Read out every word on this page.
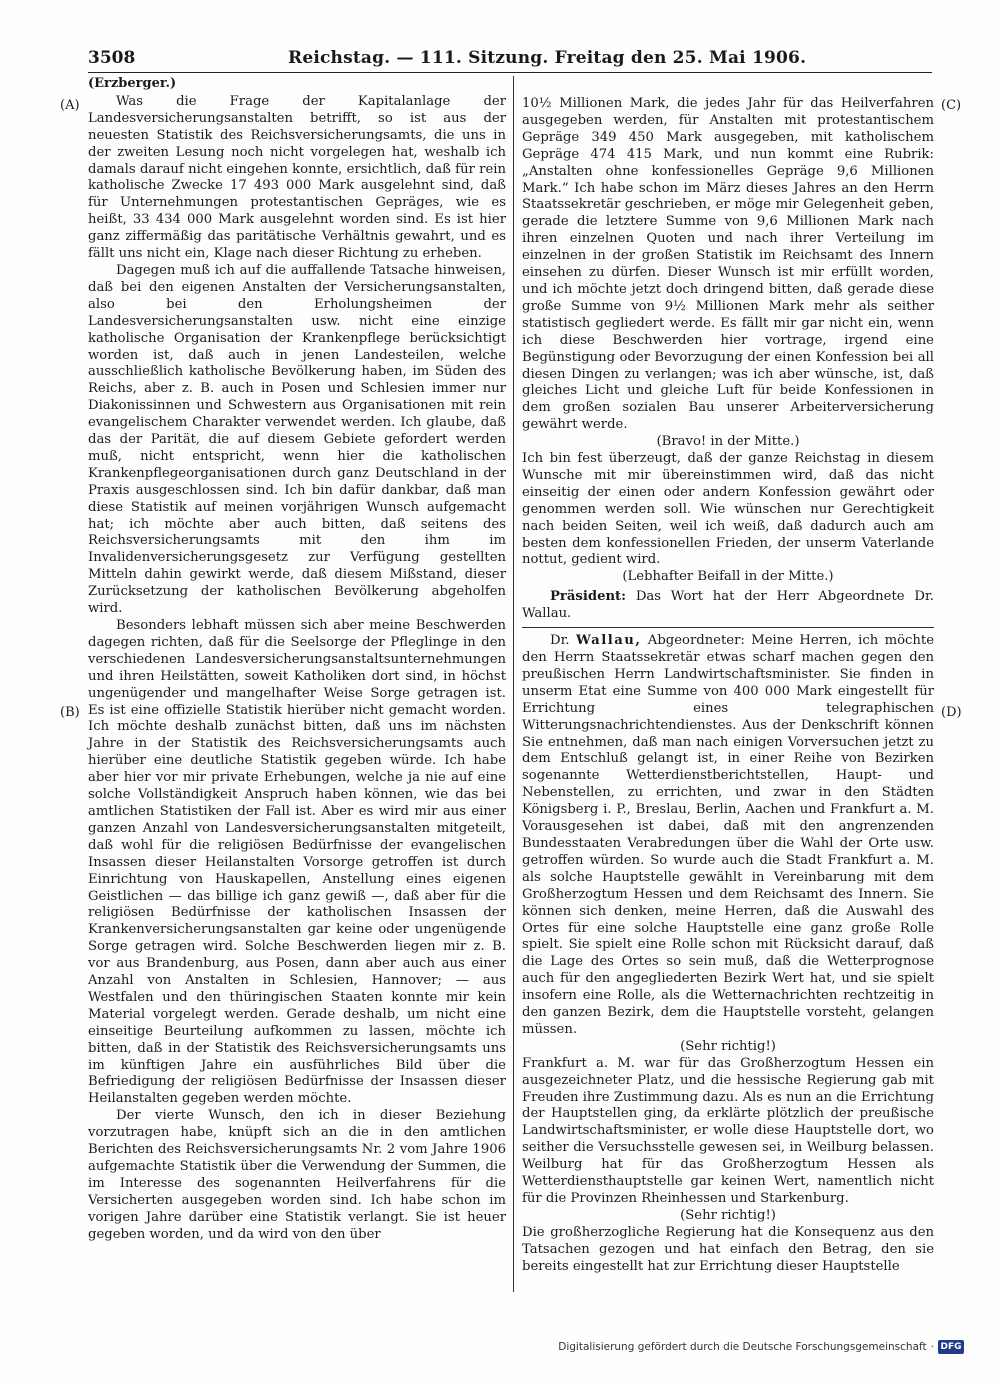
3508	Reichstag. — 111. Sitzung. Freitag den 25. Mai 1906.
(A)
(B)
(C)
(D)
(Erzberger.)

Was die Frage der Kapitalanlage der Landesversicherungsanstalten betrifft, so ist aus der neuesten Statistik des Reichsversicherungsamts, die uns in der zweiten Lesung noch nicht vorgelegen hat, weshalb ich damals darauf nicht eingehen konnte, ersichtlich, daß für rein katholische Zwecke 17 493 000 Mark ausgelehnt sind, daß für Unternehmungen protestantischen Gepräges, wie es heißt, 33 434 000 Mark ausgelehnt worden sind. Es ist hier ganz ziffermäßig das paritätische Verhältnis gewahrt, und es fällt uns nicht ein, Klage nach dieser Richtung zu erheben.

Dagegen muß ich auf die auffallende Tatsache hinweisen, daß bei den eigenen Anstalten der Versicherungsanstalten, also bei den Erholungsheimen der Landesversicherungsanstalten usw. nicht eine einzige katholische Organisation der Krankenpflege berücksichtigt worden ist, daß auch in jenen Landesteilen, welche ausschließlich katholische Bevölkerung haben, im Süden des Reichs, aber z. B. auch in Posen und Schlesien immer nur Diakonissinnen und Schwestern aus Organisationen mit rein evangelischem Charakter verwendet werden. Ich glaube, daß das der Parität, die auf diesem Gebiete gefordert werden muß, nicht entspricht, wenn hier die katholischen Krankenpflegeorganisationen durch ganz Deutschland in der Praxis ausgeschlossen sind. Ich bin dafür dankbar, daß man diese Statistik auf meinen vorjährigen Wunsch aufgemacht hat; ich möchte aber auch bitten, daß seitens des Reichsversicherungsamts mit den ihm im Invalidenversicherungsgesetz zur Verfügung gestellten Mitteln dahin gewirkt werde, daß diesem Mißstand, dieser Zurücksetzung der katholischen Bevölkerung abgeholfen wird.

Besonders lebhaft müssen sich aber meine Beschwerden dagegen richten, daß für die Seelsorge der Pfleglinge in den verschiedenen Landesversicherungsanstaltsunternehmungen und ihren Heilstätten, soweit Katholiken dort sind, in höchst ungenügender und mangelhafter Weise Sorge getragen ist. Es ist eine offizielle Statistik hierüber nicht gemacht worden. Ich möchte deshalb zunächst bitten, daß uns im nächsten Jahre in der Statistik des Reichsversicherungsamts auch hierüber eine deutliche Statistik gegeben würde. Ich habe aber hier vor mir private Erhebungen, welche ja nie auf eine solche Vollständigkeit Anspruch haben können, wie das bei amtlichen Statistiken der Fall ist. Aber es wird mir aus einer ganzen Anzahl von Landesversicherungsanstalten mitgeteilt, daß wohl für die religiösen Bedürfnisse der evangelischen Insassen dieser Heilanstalten Vorsorge getroffen ist durch Einrichtung von Hauskapellen, Anstellung eines eigenen Geistlichen — das billige ich ganz gewiß —, daß aber für die religiösen Bedürfnisse der katholischen Insassen der Krankenversicherungsanstalten gar keine oder ungenügende Sorge getragen wird. Solche Beschwerden liegen mir z. B. vor aus Brandenburg, aus Posen, dann aber auch aus einer Anzahl von Anstalten in Schlesien, Hannover; — aus Westfalen und den thüringischen Staaten konnte mir kein Material vorgelegt werden. Gerade deshalb, um nicht eine einseitige Beurteilung aufkommen zu lassen, möchte ich bitten, daß in der Statistik des Reichsversicherungsamts uns im künftigen Jahre ein ausführliches Bild über die Befriedigung der religiösen Bedürfnisse der Insassen dieser Heilanstalten gegeben werden möchte.

Der vierte Wunsch, den ich in dieser Beziehung vorzutragen habe, knüpft sich an die in den amtlichen Berichten des Reichsversicherungsamts Nr. 2 vom Jahre 1906 aufgemachte Statistik über die Verwendung der Summen, die im Interesse des sogenannten Heilverfahrens für die Versicherten ausgegeben worden sind. Ich habe schon im vorigen Jahre darüber eine Statistik verlangt. Sie ist heuer gegeben worden, und da wird von den über

10½ Millionen Mark, die jedes Jahr für das Heilverfahren ausgegeben werden, für Anstalten mit protestantischem Gepräge 349 450 Mark ausgegeben, mit katholischem Gepräge 474 415 Mark, und nun kommt eine Rubrik: „Anstalten ohne konfessionelles Gepräge 9,6 Millionen Mark.“ Ich habe schon im März dieses Jahres an den Herrn Staatssekretär geschrieben, er möge mir Gelegenheit geben, gerade die letztere Summe von 9,6 Millionen Mark nach ihren einzelnen Quoten und nach ihrer Verteilung im einzelnen in der großen Statistik im Reichsamt des Innern einsehen zu dürfen. Dieser Wunsch ist mir erfüllt worden, und ich möchte jetzt doch dringend bitten, daß gerade diese große Summe von 9½ Millionen Mark mehr als seither statistisch gegliedert werde. Es fällt mir gar nicht ein, wenn ich diese Beschwerden hier vortrage, irgend eine Begünstigung oder Bevorzugung der einen Konfession bei all diesen Dingen zu verlangen; was ich aber wünsche, ist, daß gleiches Licht und gleiche Luft für beide Konfessionen in dem großen sozialen Bau unserer Arbeiterversicherung gewährt werde.

(Bravo! in der Mitte.)

Ich bin fest überzeugt, daß der ganze Reichstag in diesem Wunsche mit mir übereinstimmen wird, daß das nicht einseitig der einen oder andern Konfession gewährt oder genommen werden soll. Wie wünschen nur Gerechtigkeit nach beiden Seiten, weil ich weiß, daß dadurch auch am besten dem konfessionellen Frieden, der unserm Vaterlande nottut, gedient wird.

(Lebhafter Beifall in der Mitte.)

Präsident: Das Wort hat der Herr Abgeordnete Dr. Wallau.

Dr. Wallau, Abgeordneter: Meine Herren, ich möchte den Herrn Staatssekretär etwas scharf machen gegen den preußischen Herrn Landwirtschaftsminister. Sie finden in unserm Etat eine Summe von 400 000 Mark eingestellt für Errichtung eines telegraphischen Witterungsnachrichtendienstes. Aus der Denkschrift können Sie entnehmen, daß man nach einigen Vorversuchen jetzt zu dem Entschluß gelangt ist, in einer Reihe von Bezirken sogenannte Wetterdienstberichtstellen, Haupt- und Nebenstellen, zu errichten, und zwar in den Städten Königsberg i. P., Breslau, Berlin, Aachen und Frankfurt a. M. Vorausgesehen ist dabei, daß mit den angrenzenden Bundesstaaten Verabredungen über die Wahl der Orte usw. getroffen würden. So wurde auch die Stadt Frankfurt a. M. als solche Hauptstelle gewählt in Vereinbarung mit dem Großherzogtum Hessen und dem Reichsamt des Innern. Sie können sich denken, meine Herren, daß die Auswahl des Ortes für eine solche Hauptstelle eine ganz große Rolle spielt. Sie spielt eine Rolle schon mit Rücksicht darauf, daß die Lage des Ortes so sein muß, daß die Wetterprognose auch für den angegliederten Bezirk Wert hat, und sie spielt insofern eine Rolle, als die Wetternachrichten rechtzeitig in den ganzen Bezirk, dem die Hauptstelle vorsteht, gelangen müssen.

(Sehr richtig!)

Frankfurt a. M. war für das Großherzogtum Hessen ein ausgezeichneter Platz, und die hessische Regierung gab mit Freuden ihre Zustimmung dazu. Als es nun an die Errichtung der Hauptstellen ging, da erklärte plötzlich der preußische Landwirtschaftsminister, er wolle diese Hauptstelle dort, wo seither die Versuchsstelle gewesen sei, in Weilburg belassen. Weilburg hat für das Großherzogtum Hessen als Wetterdiensthauptstelle gar keinen Wert, namentlich nicht für die Provinzen Rheinhessen und Starkenburg.

(Sehr richtig!)

Die großherzogliche Regierung hat die Konsequenz aus den Tatsachen gezogen und hat einfach den Betrag, den sie bereits eingestellt hat zur Errichtung dieser Hauptstelle

Digitalisierung gefördert durch die Deutsche Forschungsgemeinschaft · DFG
